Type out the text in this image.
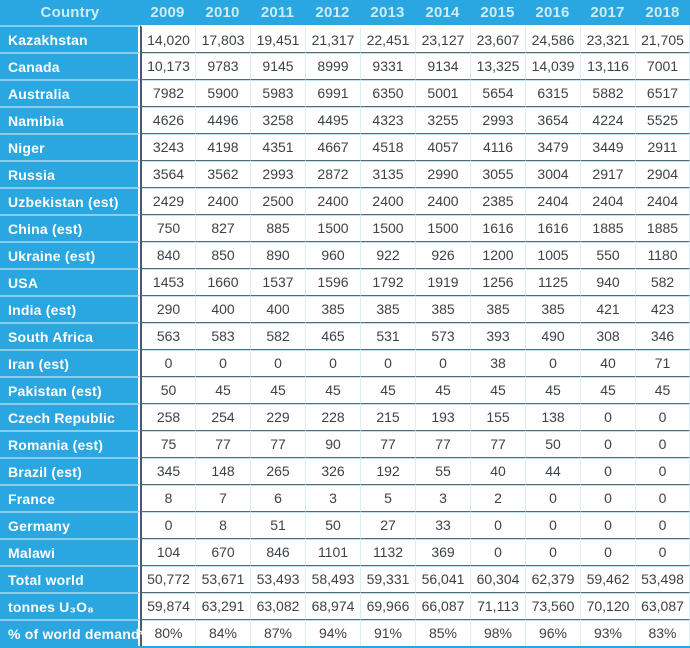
Country	2009	2010	2011	2012	2013	2014	2015	2016	2017	2018
Kazakhstan	14,020	17,803	19,451	21,317	22,451	23,127	23,607	24,586	23,321	21,705
Canada	10,173	9783	9145	8999	9331	9134	13,325	14,039	13,116	7001
Australia	7982	5900	5983	6991	6350	5001	5654	6315	5882	6517
Namibia	4626	4496	3258	4495	4323	3255	2993	3654	4224	5525
Niger	3243	4198	4351	4667	4518	4057	4116	3479	3449	2911
Russia	3564	3562	2993	2872	3135	2990	3055	3004	2917	2904
Uzbekistan (est)	2429	2400	2500	2400	2400	2400	2385	2404	2404	2404
China (est)	750	827	885	1500	1500	1500	1616	1616	1885	1885
Ukraine (est)	840	850	890	960	922	926	1200	1005	550	1180
USA	1453	1660	1537	1596	1792	1919	1256	1125	940	582
India (est)	290	400	400	385	385	385	385	385	421	423
South Africa	563	583	582	465	531	573	393	490	308	346
Iran (est)	0	0	0	0	0	0	38	0	40	71
Pakistan (est)	50	45	45	45	45	45	45	45	45	45
Czech Republic	258	254	229	228	215	193	155	138	0	0
Romania (est)	75	77	77	90	77	77	77	50	0	0
Brazil (est)	345	148	265	326	192	55	40	44	0	0
France	8	7	6	3	5	3	2	0	0	0
Germany	0	8	51	50	27	33	0	0	0	0
Malawi	104	670	846	1101	1132	369	0	0	0	0
Total world	50,772	53,671	53,493	58,493	59,331	56,041	60,304	62,379	59,462	53,498
tonnes U₃O₈	59,874	63,291	63,082	68,974	69,966	66,087	71,113	73,560	70,120	63,087
% of world demand*	80%	84%	87%	94%	91%	85%	98%	96%	93%	83%
